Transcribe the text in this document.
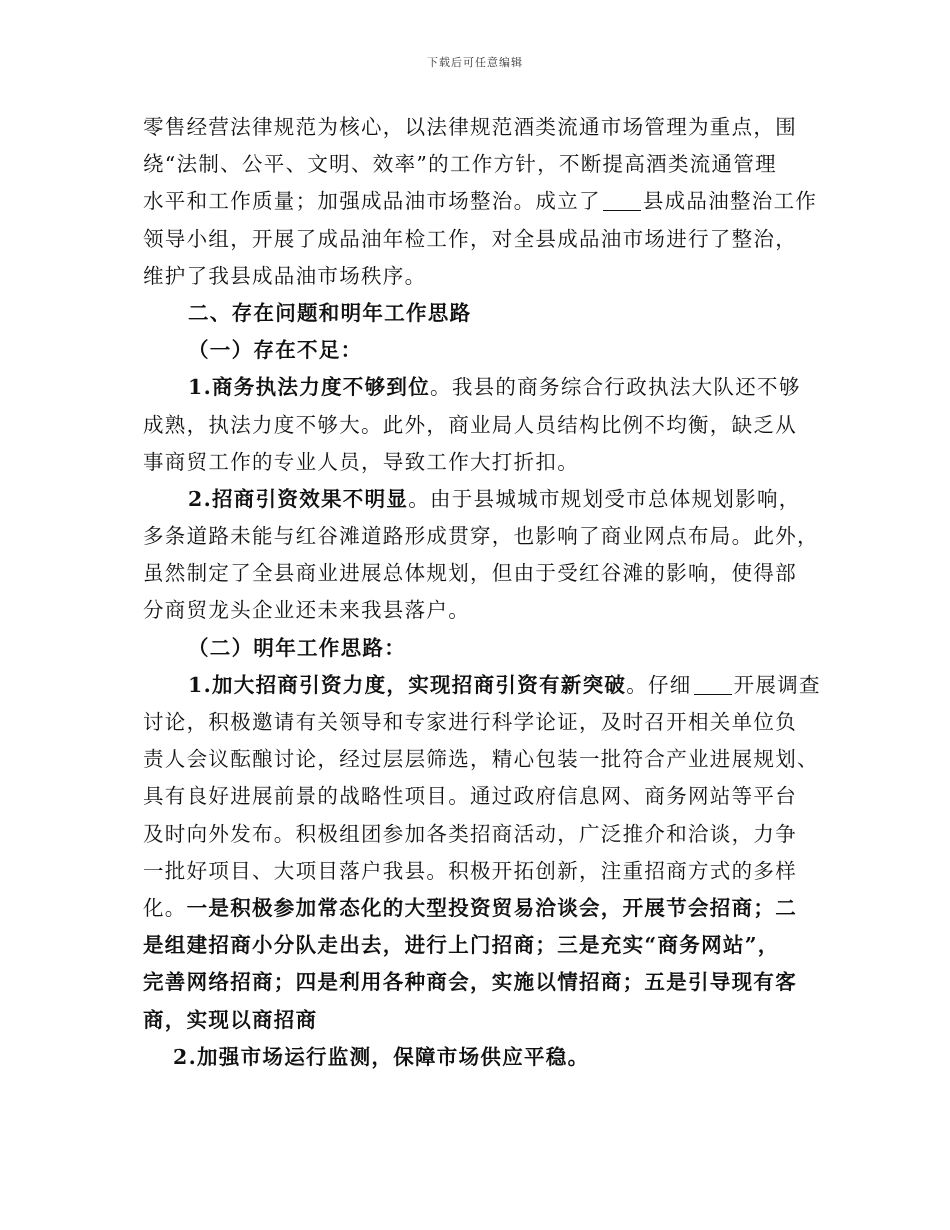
下载后可任意编辑
零售经营法律规范为核心，以法律规范酒类流通市场管理为重点，围
绕“法制、公平、文明、效率”的工作方针，不断提高酒类流通管理
水平和工作质量；加强成品油市场整治。成立了 县成品油整治工作
领导小组，开展了成品油年检工作，对全县成品油市场进行了整治，
维护了我县成品油市场秩序。
二、存在问题和明年工作思路
（一）存在不足：
1.商务执法力度不够到位。我县的商务综合行政执法大队还不够
成熟，执法力度不够大。此外，商业局人员结构比例不均衡，缺乏从
事商贸工作的专业人员，导致工作大打折扣。
2.招商引资效果不明显。由于县城城市规划受市总体规划影响，
多条道路未能与红谷滩道路形成贯穿，也影响了商业网点布局。此外，
虽然制定了全县商业进展总体规划，但由于受红谷滩的影响，使得部
分商贸龙头企业还未来我县落户。
（二）明年工作思路：
1.加大招商引资力度，实现招商引资有新突破。仔细 开展调查
讨论，积极邀请有关领导和专家进行科学论证，及时召开相关单位负
责人会议酝酿讨论，经过层层筛选，精心包装一批符合产业进展规划、
具有良好进展前景的战略性项目。通过政府信息网、商务网站等平台
及时向外发布。积极组团参加各类招商活动，广泛推介和洽谈，力争
一批好项目、大项目落户我县。积极开拓创新，注重招商方式的多样
化。一是积极参加常态化的大型投资贸易洽谈会，开展节会招商；二
是组建招商小分队走出去，进行上门招商；三是充实“商务网站”，
完善网络招商；四是利用各种商会，实施以情招商；五是引导现有客
商，实现以商招商
2.加强市场运行监测，保障市场供应平稳。
